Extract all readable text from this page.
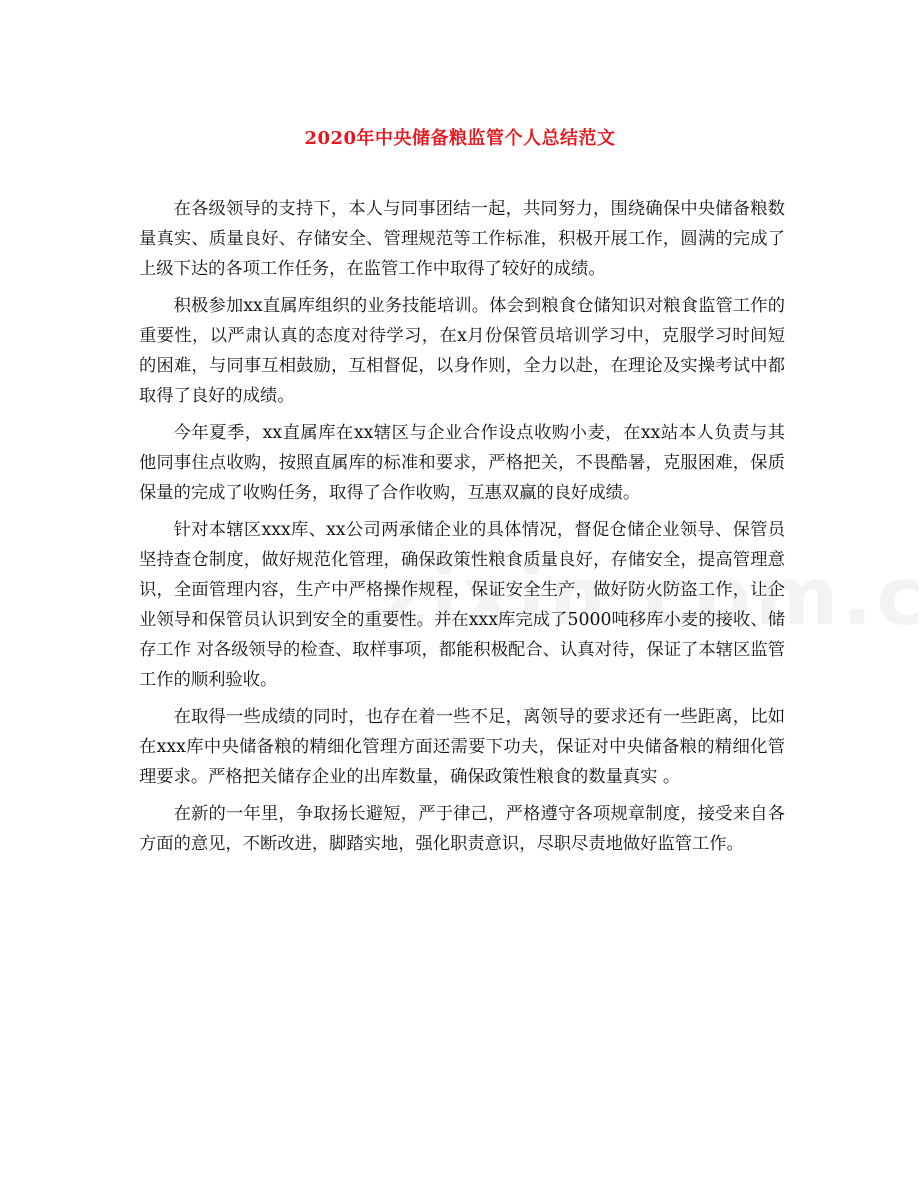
2020年中央储备粮监管个人总结范文

在各级领导的支持下，本人与同事团结一起，共同努力，围绕确保中央储备粮数量真实、质量良好、存储安全、管理规范等工作标准，积极开展工作，圆满的完成了上级下达的各项工作任务，在监管工作中取得了较好的成绩。

积极参加xx直属库组织的业务技能培训。体会到粮食仓储知识对粮食监管工作的重要性，以严肃认真的态度对待学习，在x月份保管员培训学习中，克服学习时间短的困难，与同事互相鼓励，互相督促，以身作则，全力以赴，在理论及实操考试中都取得了良好的成绩。

今年夏季，xx直属库在xx辖区与企业合作设点收购小麦，在xx站本人负责与其他同事住点收购，按照直属库的标准和要求，严格把关，不畏酷暑，克服困难，保质保量的完成了收购任务，取得了合作收购，互惠双赢的良好成绩。

针对本辖区xxx库、xx公司两承储企业的具体情况，督促仓储企业领导、保管员坚持查仓制度，做好规范化管理，确保政策性粮食质量良好，存储安全，提高管理意识，全面管理内容，生产中严格操作规程，保证安全生产，做好防火防盗工作，让企业领导和保管员认识到安全的重要性。并在xxx库完成了5000吨移库小麦的接收、储存工作 对各级领导的检查、取样事项，都能积极配合、认真对待，保证了本辖区监管工作的顺利验收。

在取得一些成绩的同时，也存在着一些不足，离领导的要求还有一些距离，比如在xxx库中央储备粮的精细化管理方面还需要下功夫，保证对中央储备粮的精细化管理要求。严格把关储存企业的出库数量，确保政策性粮食的数量真实 。

在新的一年里，争取扬长避短，严于律己，严格遵守各项规章制度，接受来自各方面的意见，不断改进，脚踏实地，强化职责意识，尽职尽责地做好监管工作。
